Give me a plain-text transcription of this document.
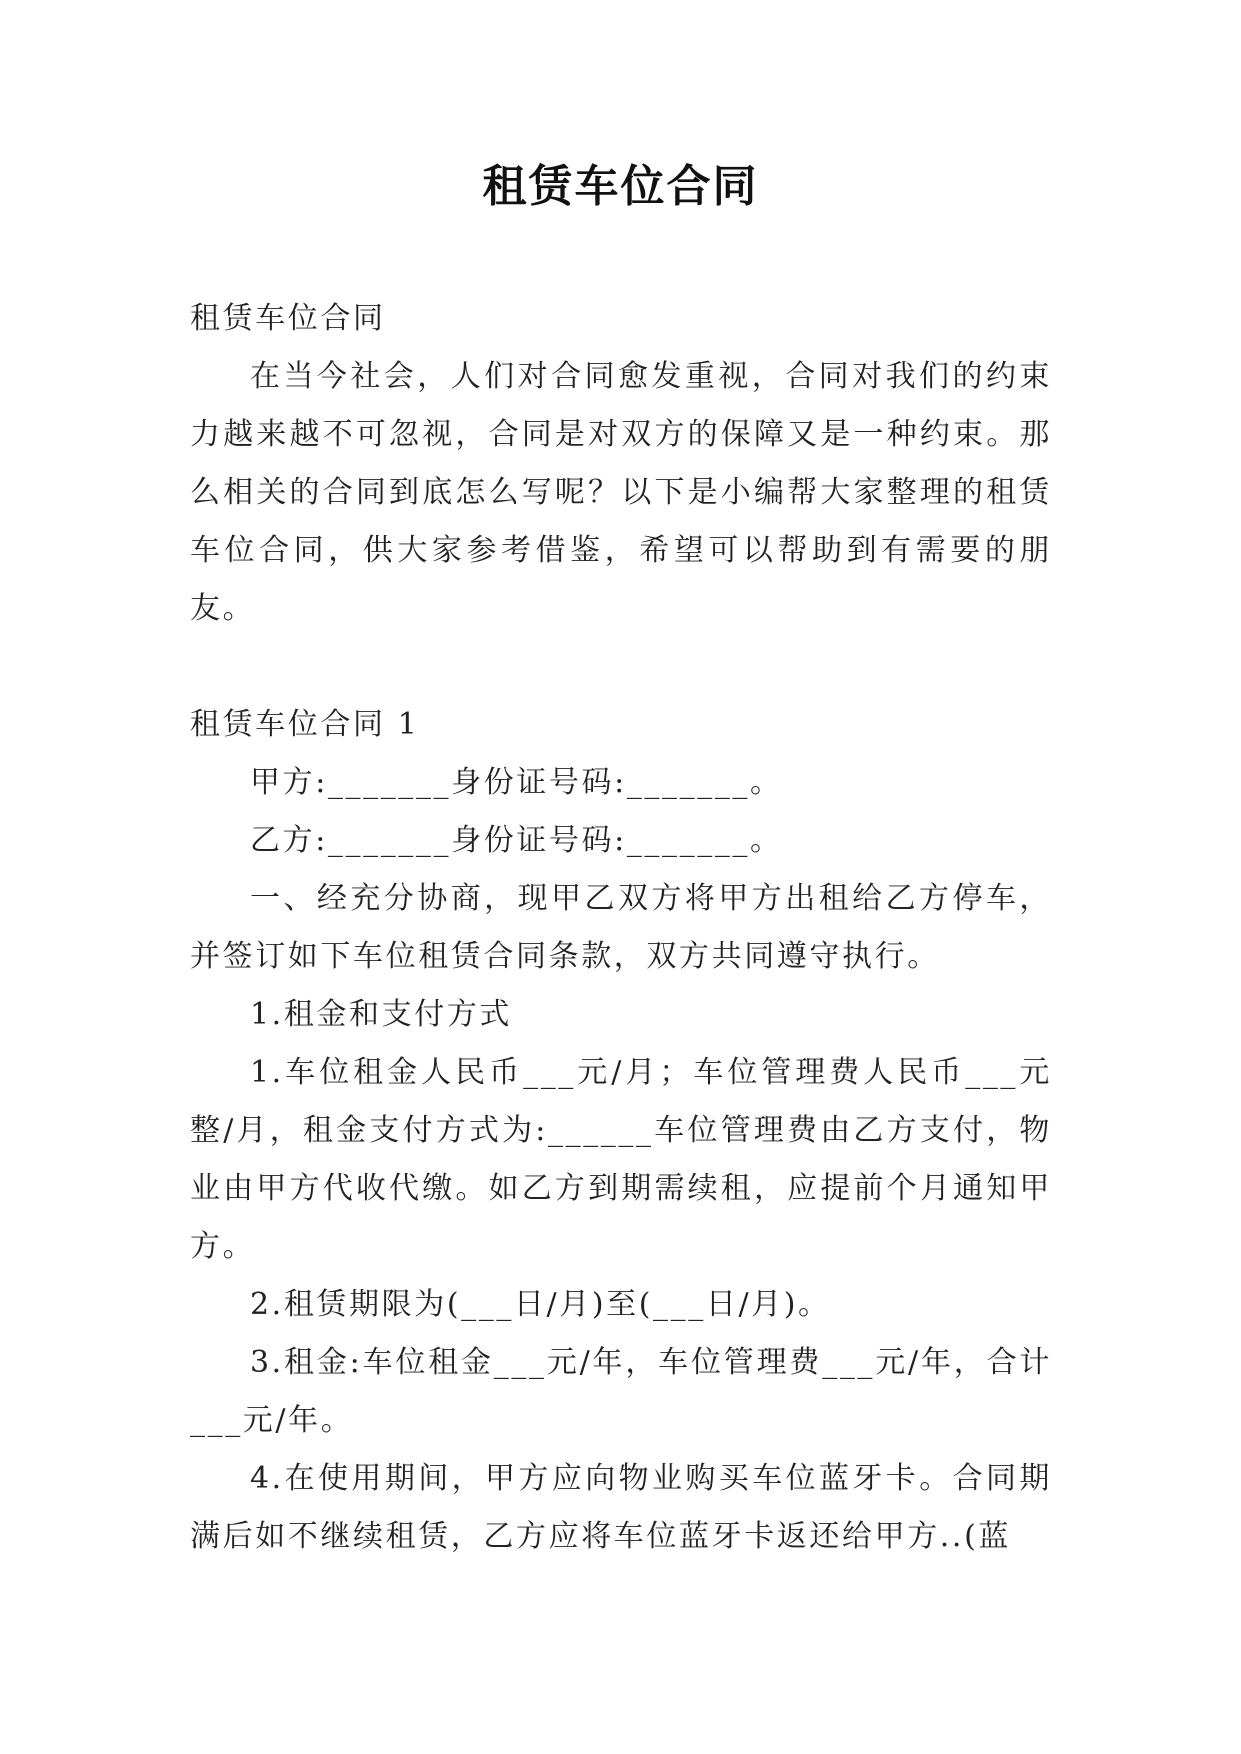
租赁车位合同

租赁车位合同

在当今社会，人们对合同愈发重视，合同对我们的约束力越来越不可忽视，合同是对双方的保障又是一种约束。那么相关的合同到底怎么写呢？以下是小编帮大家整理的租赁车位合同，供大家参考借鉴，希望可以帮助到有需要的朋友。

租赁车位合同 1

甲方:_______身份证号码:_______。

乙方:_______身份证号码:_______。

一、经充分协商，现甲乙双方将甲方出租给乙方停车，并签订如下车位租赁合同条款，双方共同遵守执行。

1.租金和支付方式

1.车位租金人民币___元/月；车位管理费人民币___元整/月，租金支付方式为:______车位管理费由乙方支付，物业由甲方代收代缴。如乙方到期需续租，应提前个月通知甲方。

2.租赁期限为(___日/月)至(___日/月)。

3.租金:车位租金___元/年，车位管理费___元/年，合计___元/年。

4.在使用期间，甲方应向物业购买车位蓝牙卡。合同期满后如不继续租赁，乙方应将车位蓝牙卡返还给甲方..(蓝
